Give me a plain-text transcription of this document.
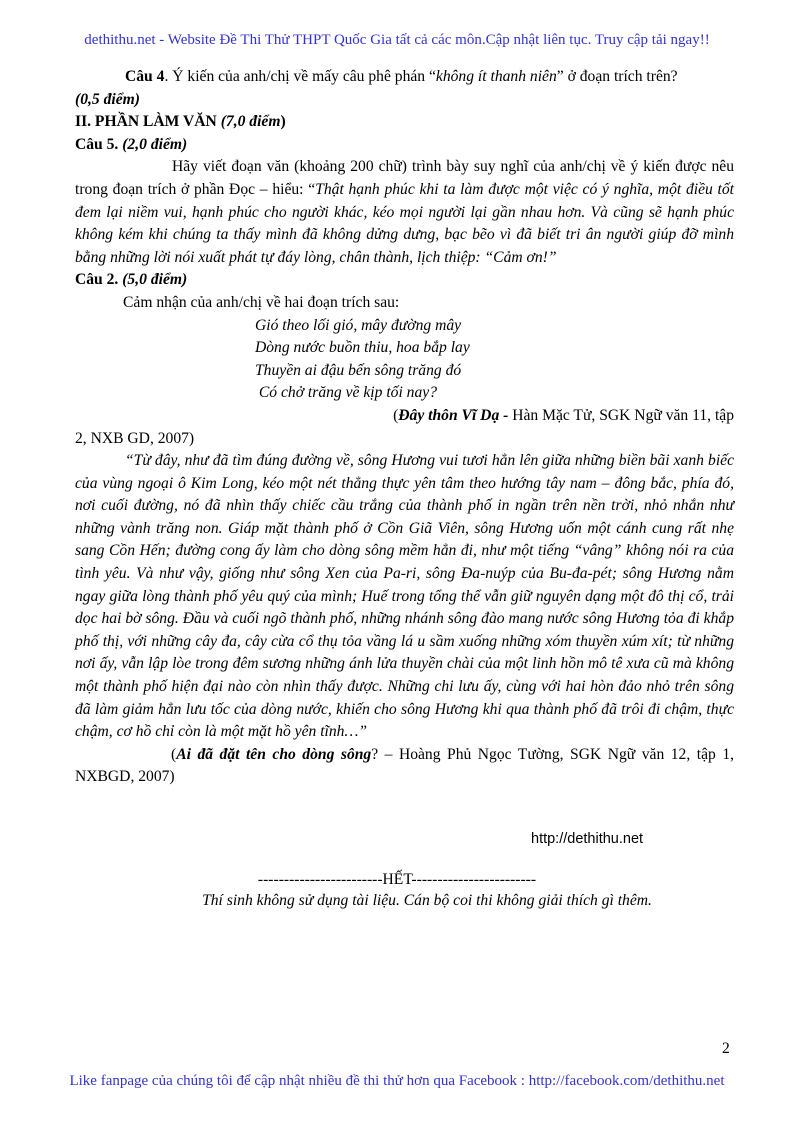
dethithu.net - Website Đề Thi Thử THPT Quốc Gia tất cả các môn.Cập nhật liên tục. Truy cập tải ngay!!

Câu 4. Ý kiến của anh/chị về mấy câu phê phán “không ít thanh niên” ở đoạn trích trên?

(0,5 điểm)

II. PHẦN LÀM VĂN (7,0 điểm)

Câu 5. (2,0 điểm)

Hãy viết đoạn văn (khoảng 200 chữ) trình bày suy nghĩ của anh/chị về ý kiến được nêu trong đoạn trích ở phần Đọc – hiểu: “Thật hạnh phúc khi ta làm được một việc có ý nghĩa, một điều tốt đem lại niềm vui, hạnh phúc cho người khác, kéo mọi người lại gần nhau hơn. Và cũng sẽ hạnh phúc không kém khi chúng ta thấy mình đã không dửng dưng, bạc bẽo vì đã biết tri ân người giúp đỡ mình bằng những lời nói xuất phát tự đáy lòng, chân thành, lịch thiệp: “Cảm ơn!”

Câu 2. (5,0 điểm)

Cảm nhận của anh/chị về hai đoạn trích sau:

Gió theo lối gió, mây đường mây

Dòng nước buồn thiu, hoa bắp lay

Thuyền ai đậu bến sông trăng đó

Có chở trăng về kịp tối nay?

(Đây thôn Vĩ Dạ - Hàn Mặc Tử, SGK Ngữ văn 11, tập

2, NXB GD, 2007)

“Từ đây, như đã tìm đúng đường về, sông Hương vui tươi hẳn lên giữa những biền bãi xanh biếc của vùng ngoại ô Kim Long, kéo một nét thẳng thực yên tâm theo hướng tây nam – đông bắc, phía đó, nơi cuối đường, nó đã nhìn thấy chiếc cầu trắng của thành phố in ngần trên nền trời, nhỏ nhắn như những vành trăng non. Giáp mặt thành phố ở Cồn Giã Viên, sông Hương uốn một cánh cung rất nhẹ sang Cồn Hến; đường cong ấy làm cho dòng sông mềm hẳn đi, như một tiếng “vâng” không nói ra của tình yêu. Và như vậy, giống như sông Xen của Pa-ri, sông Đa-nuýp của Bu-đa-pét; sông Hương nằm ngay giữa lòng thành phố yêu quý của mình; Huế trong tổng thể vẫn giữ nguyên dạng một đô thị cổ, trải dọc hai bờ sông. Đầu và cuối ngõ thành phố, những nhánh sông đào mang nước sông Hương tỏa đi khắp phố thị, với những cây đa, cây cừa cổ thụ tỏa vầng lá u sầm xuống những xóm thuyền xúm xít; từ những nơi ấy, vẫn lập lòe trong đêm sương những ánh lửa thuyền chài của một linh hồn mô tê xưa cũ mà không một thành phố hiện đại nào còn nhìn thấy được. Những chi lưu ấy, cùng với hai hòn đảo nhỏ trên sông đã làm giảm hẳn lưu tốc của dòng nước, khiến cho sông Hương khi qua thành phố đã trôi đi chậm, thực chậm, cơ hồ chỉ còn là một mặt hồ yên tĩnh…”

(Ai đã đặt tên cho dòng sông? – Hoàng Phủ Ngọc Tường, SGK Ngữ văn 12, tập 1, NXBGD, 2007)

http://dethithu.net
------------------------HẾT------------------------
Thí sinh không sử dụng tài liệu. Cán bộ coi thi không giải thích gì thêm.
2
Like fanpage của chúng tôi để cập nhật nhiều đề thi thử hơn qua Facebook : http://facebook.com/dethithu.net
